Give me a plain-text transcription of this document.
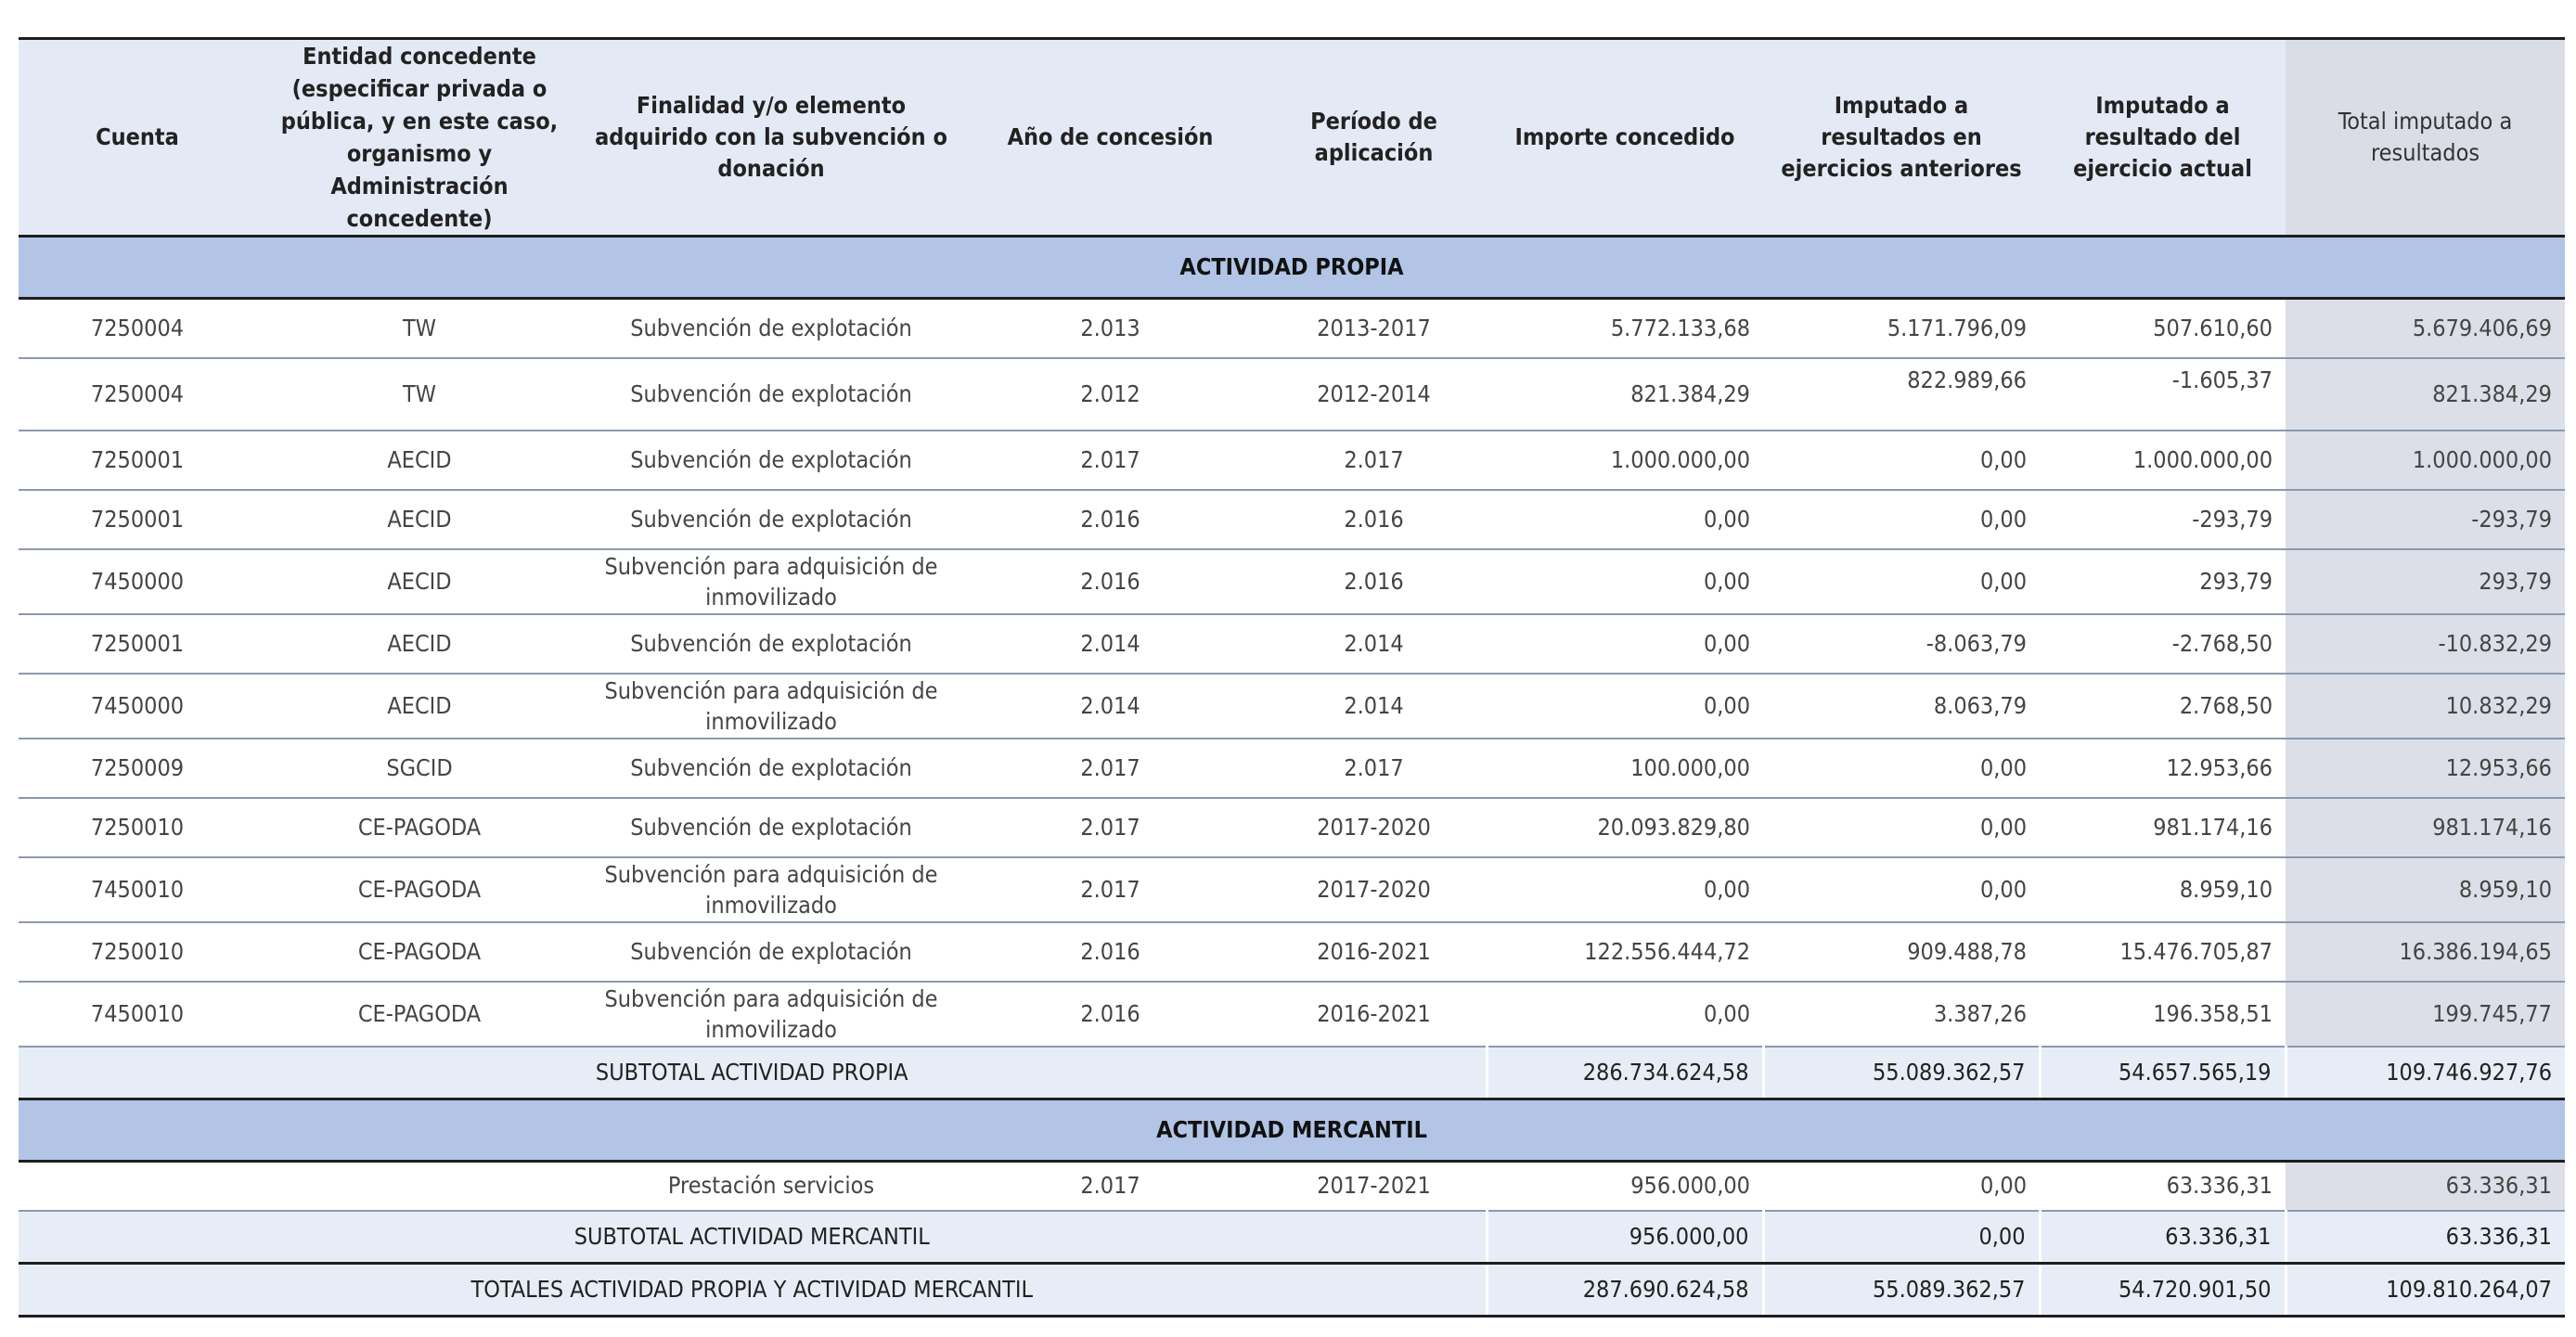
Cuenta	Entidad concedente (especificar privada o pública, y en este caso, organismo y Administración concedente)	Finalidad y/o elemento adquirido con la subvención o donación	Año de concesión	Período de aplicación	Importe concedido	Imputado a resultados en ejercicios anteriores	Imputado a resultado del ejercicio actual	Total imputado a resultados
ACTIVIDAD PROPIA								
7250004	TW	Subvención de explotación	2.013	2013-2017	5.772.133,68	5.171.796,09	507.610,60	5.679.406,69
7250004	TW	Subvención de explotación	2.012	2012-2014	821.384,29	822.989,66	-1.605,37	821.384,29
7250001	AECID	Subvención de explotación	2.017	2.017	1.000.000,00	0,00	1.000.000,00	1.000.000,00
7250001	AECID	Subvención de explotación	2.016	2.016	0,00	0,00	-293,79	-293,79
7450000	AECID	Subvención para adquisición de inmovilizado	2.016	2.016	0,00	0,00	293,79	293,79
7250001	AECID	Subvención de explotación	2.014	2.014	0,00	-8.063,79	-2.768,50	-10.832,29
7450000	AECID	Subvención para adquisición de inmovilizado	2.014	2.014	0,00	8.063,79	2.768,50	10.832,29
7250009	SGCID	Subvención de explotación	2.017	2.017	100.000,00	0,00	12.953,66	12.953,66
7250010	CE-PAGODA	Subvención de explotación	2.017	2017-2020	20.093.829,80	0,00	981.174,16	981.174,16
7450010	CE-PAGODA	Subvención para adquisición de inmovilizado	2.017	2017-2020	0,00	0,00	8.959,10	8.959,10
7250010	CE-PAGODA	Subvención de explotación	2.016	2016-2021	122.556.444,72	909.488,78	15.476.705,87	16.386.194,65
7450010	CE-PAGODA	Subvención para adquisición de inmovilizado	2.016	2016-2021	0,00	3.387,26	196.358,51	199.745,77
SUBTOTAL ACTIVIDAD PROPIA					286.734.624,58	55.089.362,57	54.657.565,19	109.746.927,76
ACTIVIDAD MERCANTIL								
		Prestación servicios	2.017	2017-2021	956.000,00	0,00	63.336,31	63.336,31
SUBTOTAL ACTIVIDAD MERCANTIL					956.000,00	0,00	63.336,31	63.336,31
TOTALES ACTIVIDAD PROPIA Y ACTIVIDAD MERCANTIL					287.690.624,58	55.089.362,57	54.720.901,50	109.810.264,07
